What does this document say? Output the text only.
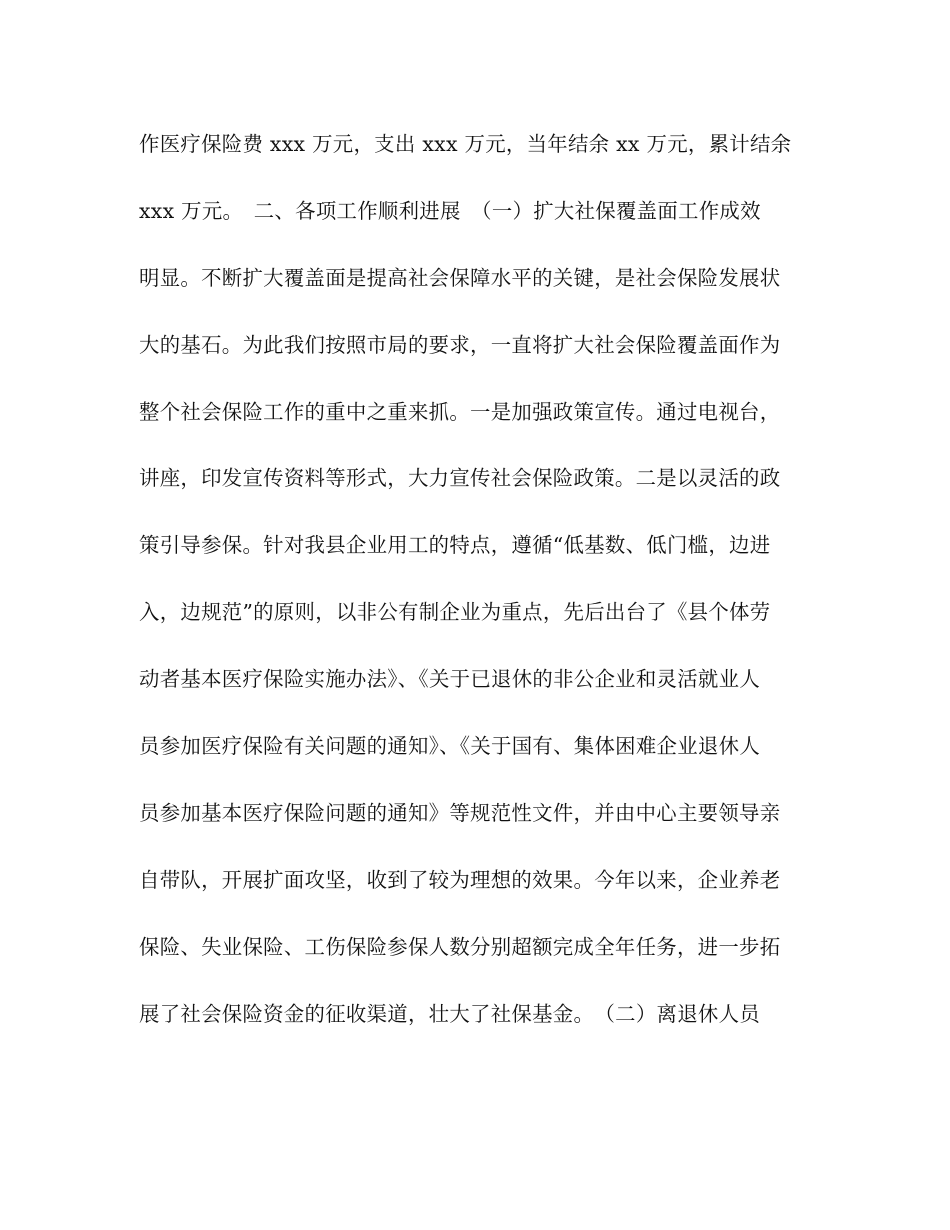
作医疗保险费 xxx 万元，支出 xxx 万元，当年结余 xx 万元，累计结余
xxx 万元。　二、各项工作顺利进展　（一）扩大社保覆盖面工作成效
明显。不断扩大覆盖面是提高社会保障水平的关键，是社会保险发展状
大的基石。为此我们按照市局的要求，一直将扩大社会保险覆盖面作为
整个社会保险工作的重中之重来抓。一是加强政策宣传。通过电视台，
讲座，印发宣传资料等形式，大力宣传社会保险政策。二是以灵活的政
策引导参保。针对我县企业用工的特点，遵循“低基数、低门槛，边进
入，边规范”的原则，以非公有制企业为重点，先后出台了《县个体劳
动者基本医疗保险实施办法》、《关于已退休的非公企业和灵活就业人
员参加医疗保险有关问题的通知》、《关于国有、集体困难企业退休人
员参加基本医疗保险问题的通知》等规范性文件，并由中心主要领导亲
自带队，开展扩面攻坚，收到了较为理想的效果。今年以来，企业养老
保险、失业保险、工伤保险参保人数分别超额完成全年任务，进一步拓
展了社会保险资金的征收渠道，壮大了社保基金。　（二）离退休人员
